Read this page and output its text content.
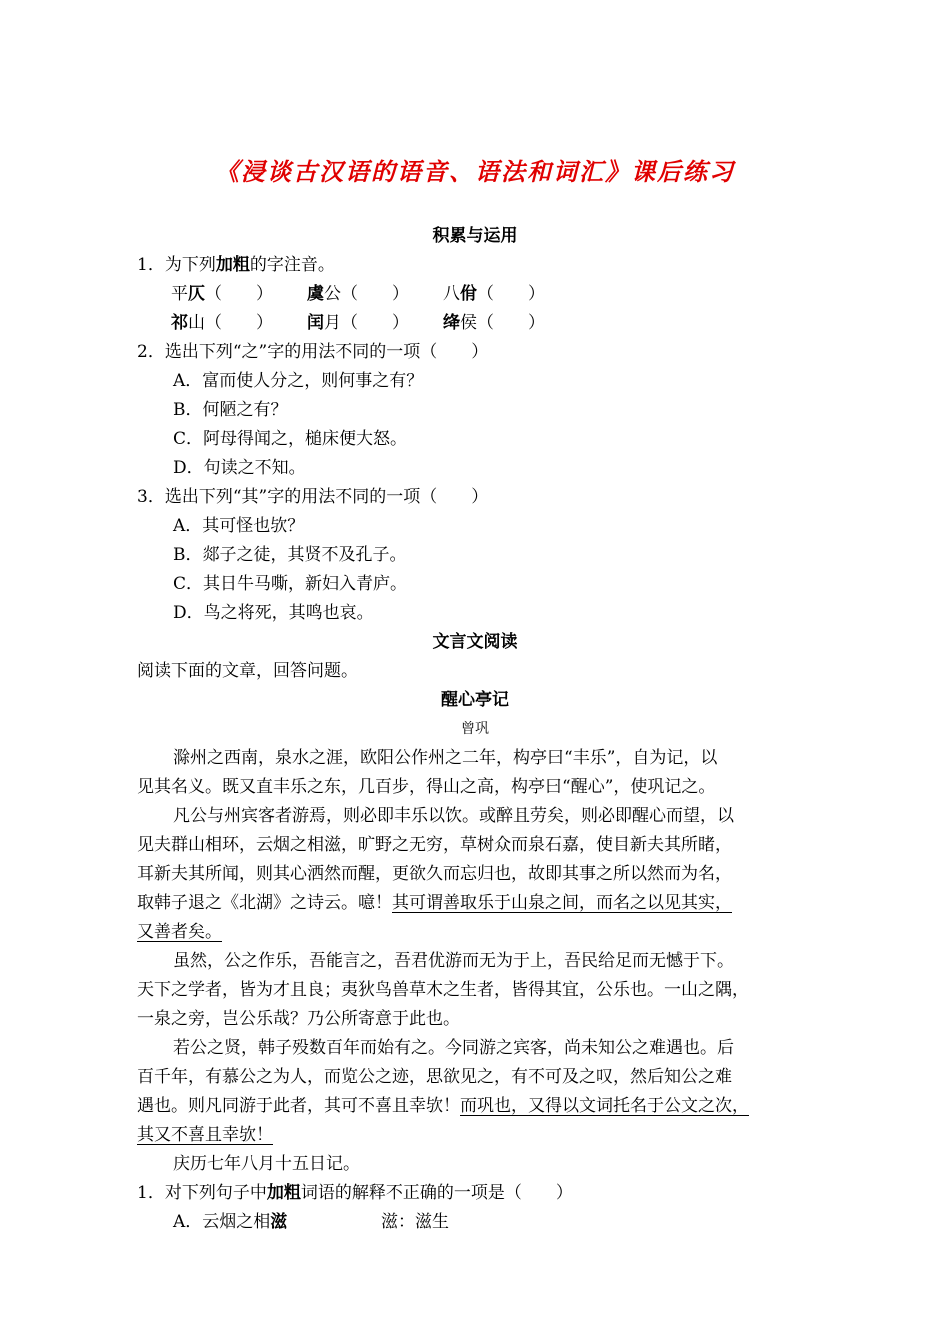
《浸谈古汉语的语音、语法和词汇》课后练习
积累与运用
1．为下列加粗的字注音。
平仄（　　） 虞公（　　） 八佾（　　）
祁山（　　） 闰月（　　） 绛侯（　　）
2．选出下列“之”字的用法不同的一项（　　）
A．富而使人分之，则何事之有？
B．何陋之有？
C．阿母得闻之，槌床便大怒。
D．句读之不知。
3．选出下列“其”字的用法不同的一项（　　）
A．其可怪也欤？
B．郯子之徒，其贤不及孔子。
C．其日牛马嘶，新妇入青庐。
D．鸟之将死，其鸣也哀。
文言文阅读
阅读下面的文章，回答问题。
醒心亭记
曾巩
滁州之西南，泉水之涯，欧阳公作州之二年，构亭曰“丰乐”，自为记，以
见其名义。既又直丰乐之东，几百步，得山之高，构亭曰“醒心”，使巩记之。
凡公与州宾客者游焉，则必即丰乐以饮。或醉且劳矣，则必即醒心而望，以
见夫群山相环，云烟之相滋，旷野之无穷，草树众而泉石嘉，使目新夫其所睹，
耳新夫其所闻，则其心洒然而醒，更欲久而忘归也，故即其事之所以然而为名，
取韩子退之《北湖》之诗云。噫！其可谓善取乐于山泉之间，而名之以见其实，
又善者矣。
虽然，公之作乐，吾能言之，吾君优游而无为于上，吾民给足而无憾于下。
天下之学者，皆为才且良；夷狄鸟兽草木之生者，皆得其宜，公乐也。一山之隅，
一泉之旁，岂公乐哉？乃公所寄意于此也。
若公之贤，韩子殁数百年而始有之。今同游之宾客，尚未知公之难遇也。后
百千年，有慕公之为人，而览公之迹，思欲见之，有不可及之叹，然后知公之难
遇也。则凡同游于此者，其可不喜且幸欤！而巩也，又得以文词托名于公文之次，
其又不喜且幸欤！
庆历七年八月十五日记。
1．对下列句子中加粗词语的解释不正确的一项是（　　）
A．云烟之相滋	滋：滋生
